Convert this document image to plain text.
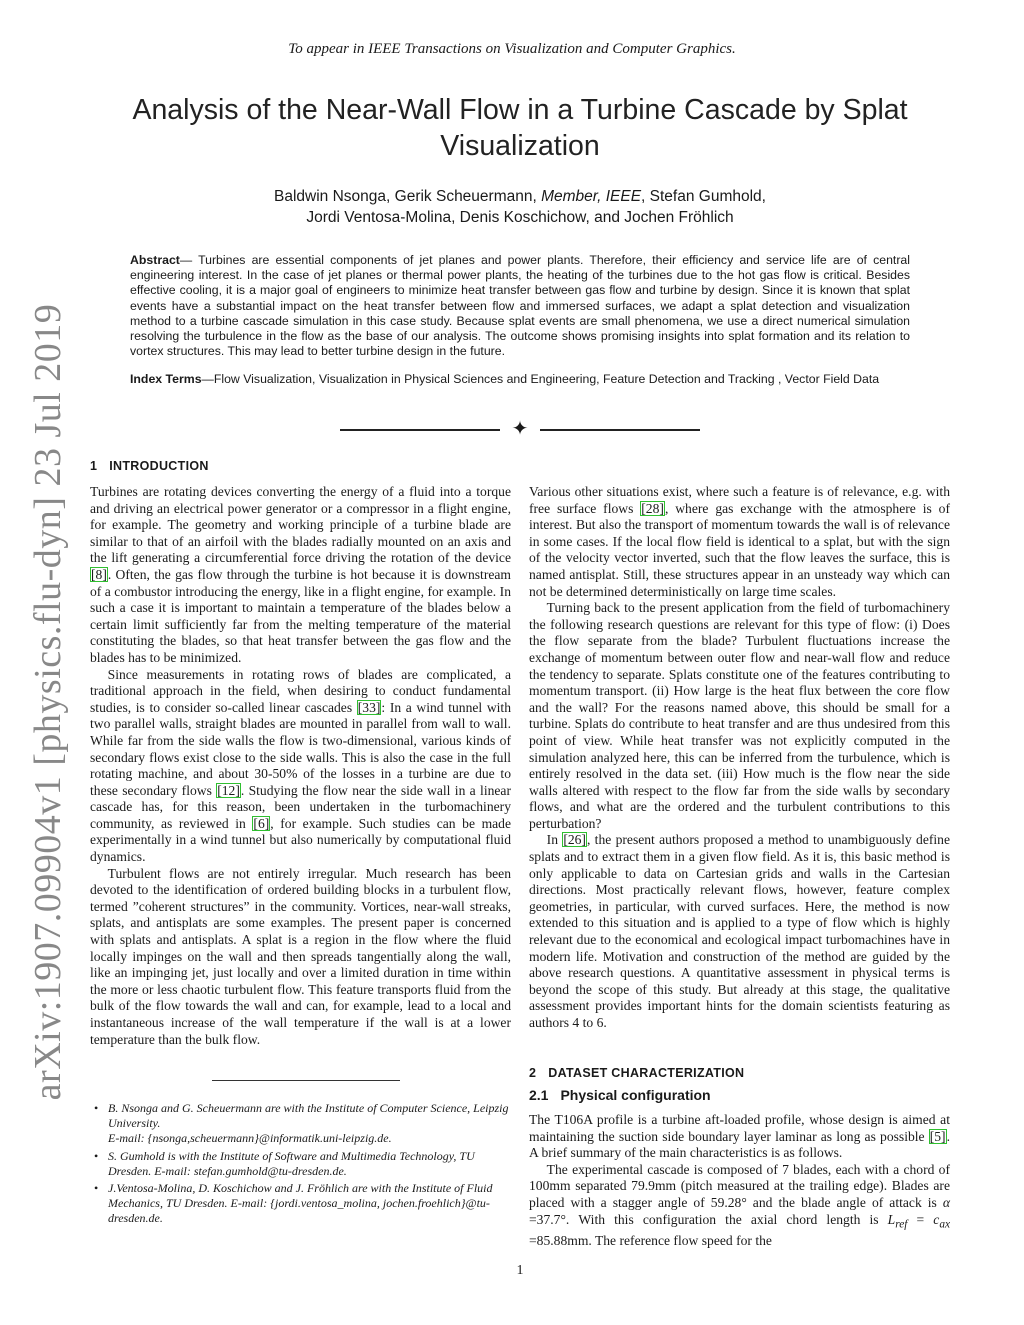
To appear in IEEE Transactions on Visualization and Computer Graphics.
Analysis of the Near-Wall Flow in a Turbine Cascade by Splat Visualization
Baldwin Nsonga, Gerik Scheuermann, Member, IEEE, Stefan Gumhold,
Jordi Ventosa-Molina, Denis Koschichow, and Jochen Fröhlich
Abstract— Turbines are essential components of jet planes and power plants. Therefore, their efficiency and service life are of central engineering interest. In the case of jet planes or thermal power plants, the heating of the turbines due to the hot gas flow is critical. Besides effective cooling, it is a major goal of engineers to minimize heat transfer between gas flow and turbine by design. Since it is known that splat events have a substantial impact on the heat transfer between flow and immersed surfaces, we adapt a splat detection and visualization method to a turbine cascade simulation in this case study. Because splat events are small phenomena, we use a direct numerical simulation resolving the turbulence in the flow as the base of our analysis. The outcome shows promising insights into splat formation and its relation to vortex structures. This may lead to better turbine design in the future.
Index Terms—Flow Visualization, Visualization in Physical Sciences and Engineering, Feature Detection and Tracking , Vector Field Data
✦
arXiv:1907.09904v1 [physics.flu-dyn] 23 Jul 2019 1 INTRODUCTION

Turbines are rotating devices converting the energy of a fluid into a torque and driving an electrical power generator or a compressor in a flight engine, for example. The geometry and working principle of a turbine blade are similar to that of an airfoil with the blades radially mounted on an axis and the lift generating a circumferential force driving the rotation of the device [8]. Often, the gas flow through the turbine is hot because it is downstream of a combustor introducing the energy, like in a flight engine, for example. In such a case it is important to maintain a temperature of the blades below a certain limit sufficiently far from the melting temperature of the material constituting the blades, so that heat transfer between the gas flow and the blades has to be minimized.

Since measurements in rotating rows of blades are complicated, a traditional approach in the field, when desiring to conduct fundamental studies, is to consider so-called linear cascades [33]: In a wind tunnel with two parallel walls, straight blades are mounted in parallel from wall to wall. While far from the side walls the flow is two-dimensional, various kinds of secondary flows exist close to the side walls. This is also the case in the full rotating machine, and about 30-50% of the losses in a turbine are due to these secondary flows [12]. Studying the flow near the side wall in a linear cascade has, for this reason, been undertaken in the turbomachinery community, as reviewed in [6], for example. Such studies can be made experimentally in a wind tunnel but also numerically by computational fluid dynamics.

Turbulent flows are not entirely irregular. Much research has been devoted to the identification of ordered building blocks in a turbulent flow, termed ”coherent structures” in the community. Vortices, near-wall streaks, splats, and antisplats are some examples. The present paper is concerned with splats and antisplats. A splat is a region in the flow where the fluid locally impinges on the wall and then spreads tangentially along the wall, like an impinging jet, just locally and over a limited duration in time within the more or less chaotic turbulent flow. This feature transports fluid from the bulk of the flow towards the wall and can, for example, lead to a local and instantaneous increase of the wall temperature if the wall is at a lower temperature than the bulk flow.

Various other situations exist, where such a feature is of relevance, e.g. with free surface flows [28], where gas exchange with the atmosphere is of interest. But also the transport of momentum towards the wall is of relevance in some cases. If the local flow field is identical to a splat, but with the sign of the velocity vector inverted, such that the flow leaves the surface, this is named antisplat. Still, these structures appear in an unsteady way which can not be determined deterministically on large time scales.

Turning back to the present application from the field of turbomachinery the following research questions are relevant for this type of flow: (i) Does the flow separate from the blade? Turbulent fluctuations increase the exchange of momentum between outer flow and near-wall flow and reduce the tendency to separate. Splats constitute one of the features contributing to momentum transport. (ii) How large is the heat flux between the core flow and the wall? For the reasons named above, this should be small for a turbine. Splats do contribute to heat transfer and are thus undesired from this point of view. While heat transfer was not explicitly computed in the simulation analyzed here, this can be inferred from the turbulence, which is entirely resolved in the data set. (iii) How much is the flow near the side walls altered with respect to the flow far from the side walls by secondary flows, and what are the ordered and the turbulent contributions to this perturbation?

In [26], the present authors proposed a method to unambiguously define splats and to extract them in a given flow field. As it is, this basic method is only applicable to data on Cartesian grids and walls in the Cartesian directions. Most practically relevant flows, however, feature complex geometries, in particular, with curved surfaces. Here, the method is now extended to this situation and is applied to a type of flow which is highly relevant due to the economical and ecological impact turbomachines have in modern life. Motivation and construction of the method are guided by the above research questions. A quantitative assessment in physical terms is beyond the scope of this study. But already at this stage, the qualitative assessment provides important hints for the domain scientists featuring as authors 4 to 6.

2 DATASET CHARACTERIZATION
2.1 Physical configuration

The T106A profile is a turbine aft-loaded profile, whose design is aimed at maintaining the suction side boundary layer laminar as long as possible [5]. A brief summary of the main characteristics is as follows.

The experimental cascade is composed of 7 blades, each with a chord of 100mm separated 79.9mm (pitch measured at the trailing edge). Blades are placed with a stagger angle of 59.28° and the blade angle of attack is α =37.7°. With this configuration the axial chord length is $L_{ref} = c_{ax} =85.88mm$. The reference flow speed for the

• B. Nsonga and G. Scheuermann are with the Institute of Computer Science, Leipzig University.
E-mail: {nsonga,scheuermann}@informatik.uni-leipzig.de.
• S. Gumhold is with the Institute of Software and Multimedia Technology, TU Dresden. E-mail: stefan.gumhold@tu-dresden.de.
• J.Ventosa-Molina, D. Koschichow and J. Fröhlich are with the Institute of Fluid Mechanics, TU Dresden. E-mail: {jordi.ventosa_molina, jochen.froehlich}@tu-dresden.de.
1
